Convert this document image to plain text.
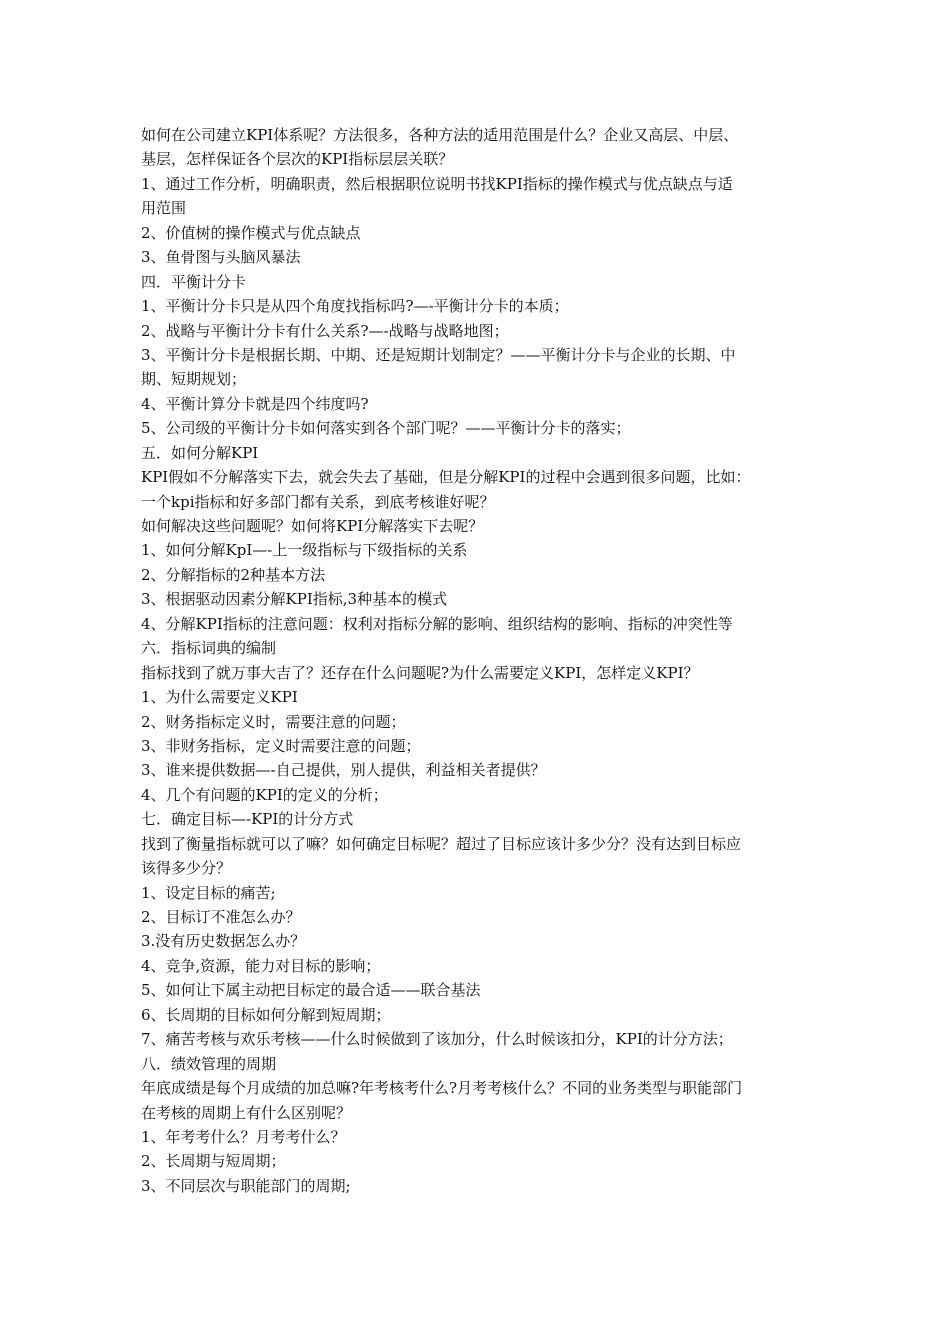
如何在公司建立KPI体系呢？方法很多，各种方法的适用范围是什么？企业又高层、中层、
基层，怎样保证各个层次的KPI指标层层关联？
1、通过工作分析，明确职责，然后根据职位说明书找KPI指标的操作模式与优点缺点与适
用范围
2、价值树的操作模式与优点缺点
3、鱼骨图与头脑风暴法
四．平衡计分卡
1、平衡计分卡只是从四个角度找指标吗?—-平衡计分卡的本质；
2、战略与平衡计分卡有什么关系?—-战略与战略地图；
3、平衡计分卡是根据长期、中期、还是短期计划制定？——平衡计分卡与企业的长期、中
期、短期规划；
4、平衡计算分卡就是四个纬度吗?
5、公司级的平衡计分卡如何落实到各个部门呢？——平衡计分卡的落实；
五．如何分解KPI
KPI假如不分解落实下去，就会失去了基础，但是分解KPI的过程中会遇到很多问题，比如：
一个kpi指标和好多部门都有关系，到底考核谁好呢？
如何解决这些问题呢？如何将KPI分解落实下去呢？
1、如何分解KpI—-上一级指标与下级指标的关系
2、分解指标的2种基本方法
3、根据驱动因素分解KPI指标,3种基本的模式
4、分解KPI指标的注意问题：权利对指标分解的影响、组织结构的影响、指标的冲突性等
六．指标词典的编制
指标找到了就万事大吉了？还存在什么问题呢?为什么需要定义KPI，怎样定义KPI？
1、为什么需要定义KPI
2、财务指标定义时，需要注意的问题；
3、非财务指标，定义时需要注意的问题；
3、谁来提供数据—-自己提供，别人提供，利益相关者提供？
4、几个有问题的KPI的定义的分析；
七．确定目标—-KPI的计分方式
找到了衡量指标就可以了嘛？如何确定目标呢？超过了目标应该计多少分？没有达到目标应
该得多少分？
1、设定目标的痛苦;
2、目标订不准怎么办？
3.没有历史数据怎么办？
4、竞争,资源，能力对目标的影响；
5、如何让下属主动把目标定的最合适——联合基法
6、长周期的目标如何分解到短周期；
7、痛苦考核与欢乐考核——什么时候做到了该加分，什么时候该扣分，KPI的计分方法；
八．绩效管理的周期
年底成绩是每个月成绩的加总嘛?年考核考什么?月考考核什么？不同的业务类型与职能部门
在考核的周期上有什么区别呢？
1、年考考什么？月考考什么？
2、长周期与短周期；
3、不同层次与职能部门的周期;
